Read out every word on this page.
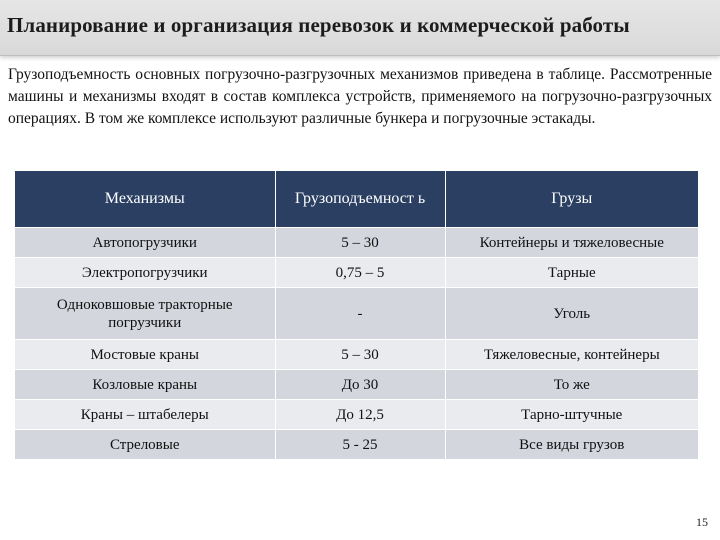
Планирование и организация перевозок и коммерческой работы
Грузоподъемность основных погрузочно-разгрузочных механизмов приведена в таблице. Рассмотренные машины и механизмы входят в состав комплекса устройств, применяемого на погрузочно-разгрузочных операциях. В том же комплексе используют различные бункера и погрузочные эстакады.
Механизмы	Грузоподъемност ь	Грузы
Автопогрузчики	5 – 30	Контейнеры и тяжеловесные
Электропогрузчики	0,75 – 5	Тарные
Одноковшовые тракторные погрузчики	-	Уголь
Мостовые краны	5 – 30	Тяжеловесные, контейнеры
Козловые краны	До 30	То же
Краны – штабелеры	До 12,5	Тарно-штучные
Стреловые	5 - 25	Все виды грузов
15
